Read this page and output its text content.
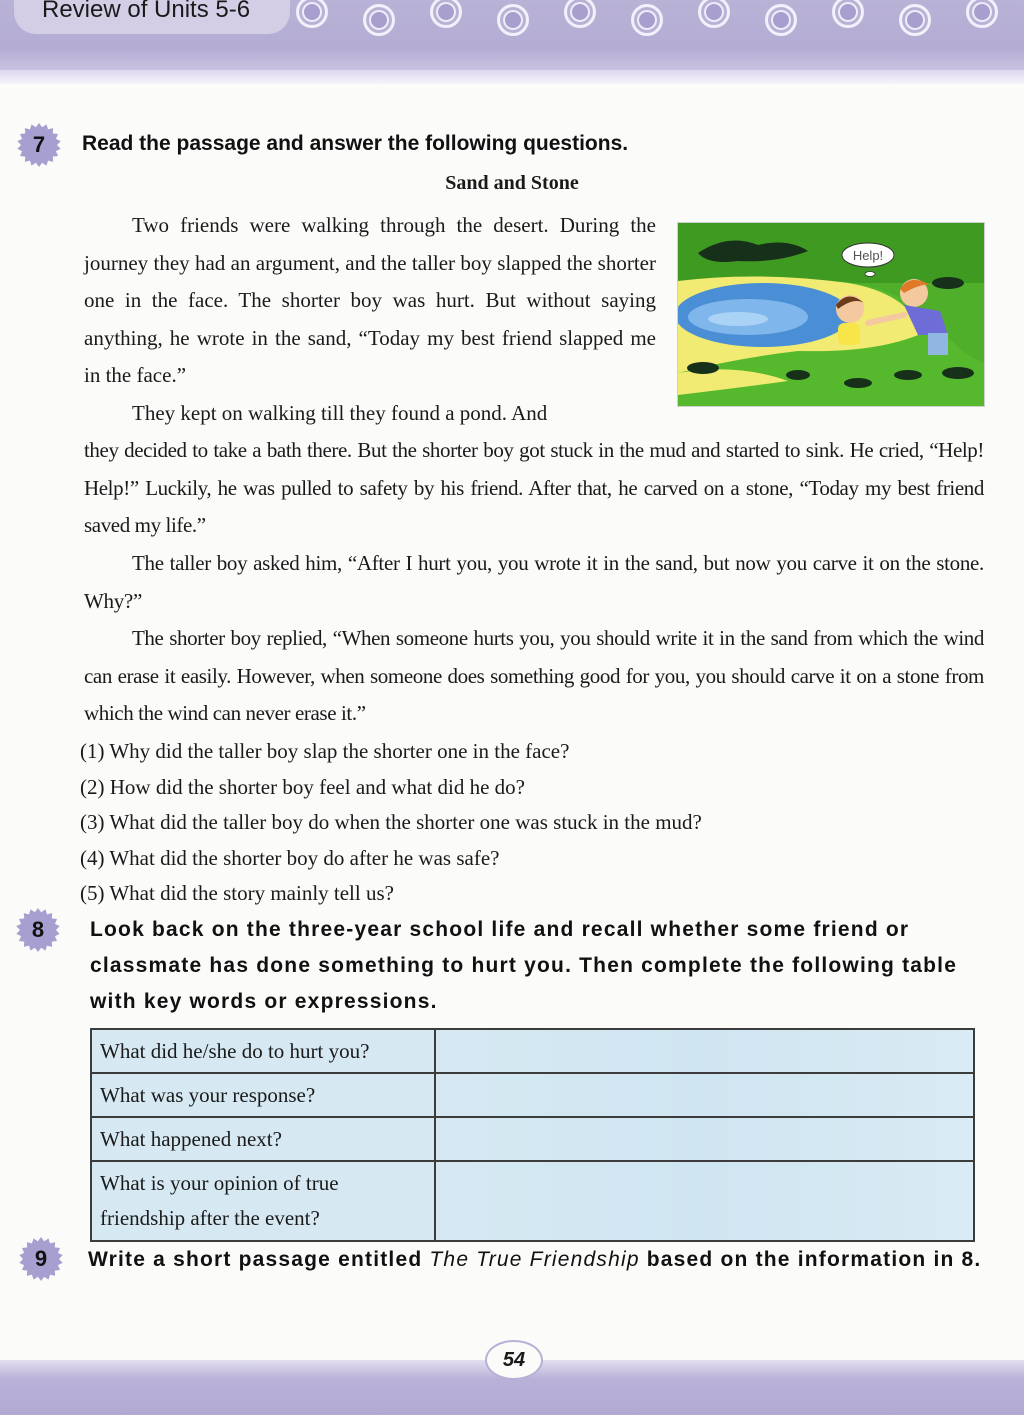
Review of Units 5-6
7 Read the passage and answer the following questions.
Sand and Stone
Two friends were walking through the desert. During the journey they had an argument, and the taller boy slapped the shorter one in the face. The shorter boy was hurt. But without saying anything, he wrote in the sand, “Today my best friend slapped me in the face.”
They kept on walking till they found a pond. And
they decided to take a bath there. But the shorter boy got stuck in the mud and started to sink. He cried, “Help! Help!” Luckily, he was pulled to safety by his friend. After that, he carved on a stone, “Today my best friend saved my life.”
The taller boy asked him, “After I hurt you, you wrote it in the sand, but now you carve it on the stone. Why?”
The shorter boy replied, “When someone hurts you, you should write it in the sand from which the wind can erase it easily. However, when someone does something good for you, you should carve it on a stone from which the wind can never erase it.”
Help!
(1) Why did the taller boy slap the shorter one in the face?
(2) How did the shorter boy feel and what did he do?
(3) What did the taller boy do when the shorter one was stuck in the mud?
(4) What did the shorter boy do after he was safe?
(5) What did the story mainly tell us?
8 Look back on the three-year school life and recall whether some friend or classmate has done something to hurt you. Then complete the following table with key words or expressions.
What did he/she do to hurt you?	
What was your response?	
What happened next?	
What is your opinion of true friendship after the event?	
9 Write a short passage entitled The True Friendship based on the information in 8.
54
